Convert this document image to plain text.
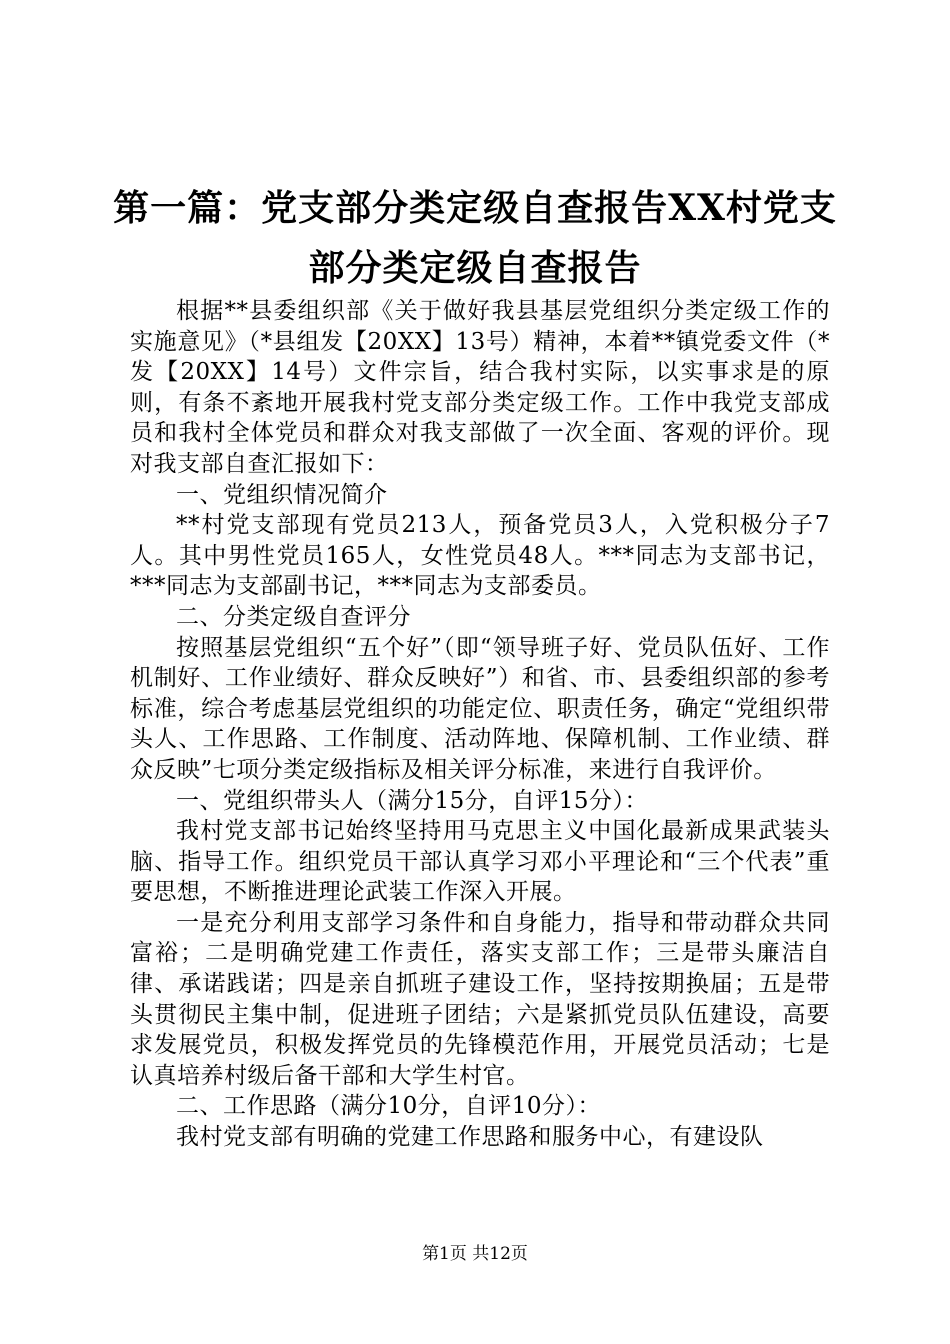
第一篇：党支部分类定级自查报告XX村党支
部分类定级自查报告

根据**县委组织部《关于做好我县基层党组织分类定级工作的实施意见》（*县组发【20XX】13号）精神，本着**镇党委文件（*发【20XX】14号）文件宗旨，结合我村实际，以实事求是的原则，有条不紊地开展我村党支部分类定级工作。工作中我党支部成员和我村全体党员和群众对我支部做了一次全面、客观的评价。现对我支部自查汇报如下：

一、党组织情况简介

**村党支部现有党员213人，预备党员3人，入党积极分子7人。其中男性党员165人，女性党员48人。***同志为支部书记，***同志为支部副书记，***同志为支部委员。

二、分类定级自查评分

按照基层党组织“五个好”（即“领导班子好、党员队伍好、工作机制好、工作业绩好、群众反映好”）和省、市、县委组织部的参考标准，综合考虑基层党组织的功能定位、职责任务，确定“党组织带头人、工作思路、工作制度、活动阵地、保障机制、工作业绩、群众反映”七项分类定级指标及相关评分标准，来进行自我评价。

一、党组织带头人（满分15分，自评15分）：

我村党支部书记始终坚持用马克思主义中国化最新成果武装头脑、指导工作。组织党员干部认真学习邓小平理论和“三个代表”重要思想，不断推进理论武装工作深入开展。

一是充分利用支部学习条件和自身能力，指导和带动群众共同富裕；二是明确党建工作责任，落实支部工作；三是带头廉洁自律、承诺践诺；四是亲自抓班子建设工作，坚持按期换届；五是带头贯彻民主集中制，促进班子团结；六是紧抓党员队伍建设，高要求发展党员，积极发挥党员的先锋模范作用，开展党员活动；七是认真培养村级后备干部和大学生村官。

二、工作思路（满分10分，自评10分）：

我村党支部有明确的党建工作思路和服务中心，有建设队

第1页 共12页
